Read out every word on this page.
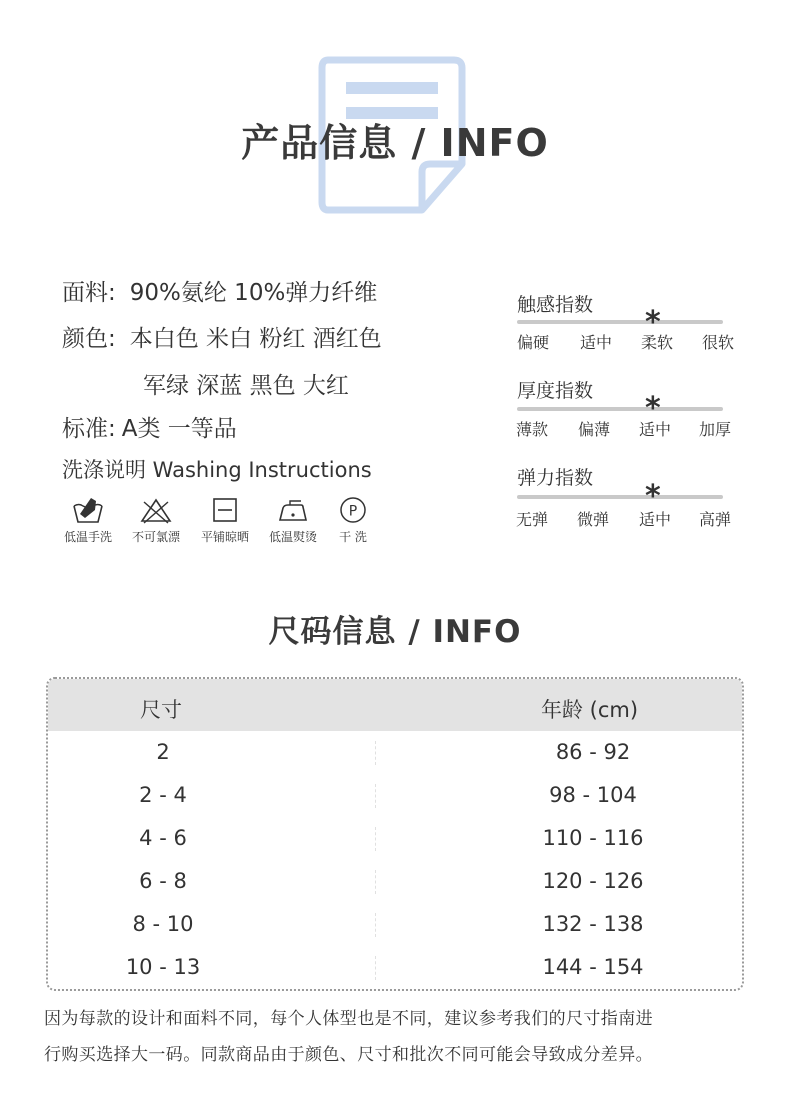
产品信息 / INFO
面料: 90%氨纶 10%弹力纤维
颜色: 本白色 米白 粉红 酒红色
军绿 深蓝 黑色 大红
标准: A类 一等品
洗涤说明 Washing Instructions
低温手洗	不可氯漂	平铺晾晒	低温熨烫
P
干 洗
触感指数 *
偏硬 适中 柔软 很软
厚度指数 *
薄款 偏薄 适中 加厚
弹力指数
*
无弹 微弹 适中 高弹
尺码信息 / INFO
尺寸	年龄 (cm)
2	86 - 92
2 - 4	98 - 104
4 - 6	110 - 116
6 - 8	120 - 126
8 - 10	132 - 138
10 - 13	144 - 154
因为每款的设计和面料不同，每个人体型也是不同，建议参考我们的尺寸指南进
行购买选择大一码。同款商品由于颜色、尺寸和批次不同可能会导致成分差异。
